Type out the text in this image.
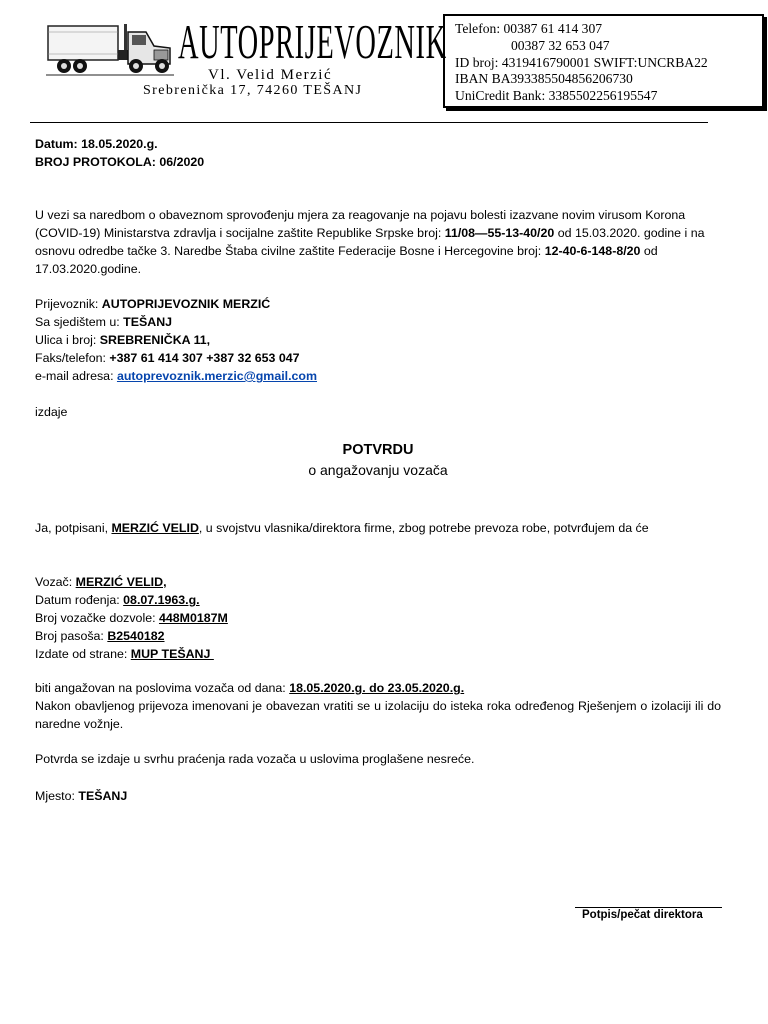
AUTOPRIJEVOZNIK
Vl. Velid Merzić
Srebrenička 17, 74260 TEŠANJ
Telefon: 00387 61 414 307
00387 32 653 047
ID broj: 4319416790001 SWIFT:UNCRBA22
IBAN BA393385504856206730
UniCredit Bank: 3385502256195547

Datum: 18.05.2020.g.

BROJ PROTOKOLA: 06/2020

U vezi sa naredbom o obaveznom sprovođenju mjera za reagovanje na pojavu bolesti izazvane novim virusom Korona (COVID-19) Ministarstva zdravlja i socijalne zaštite Republike Srpske broj: 11/08—55-13-40/20 od 15.03.2020. godine i na osnovu odredbe tačke 3. Naredbe Štaba civilne zaštite Federacije Bosne i Hercegovine broj: 12-40-6-148-8/20 od 17.03.2020.godine.

Prijevoznik: AUTOPRIJEVOZNIK MERZIĆ

Sa sjedištem u: TEŠANJ

Ulica i broj: SREBRENIČKA 11,

Faks/telefon: +387 61 414 307 +387 32 653 047

e-mail adresa: autoprevoznik.merzic@gmail.com

izdaje

POTVRDU

o angažovanju vozača

Ja, potpisani, MERZIĆ VELID, u svojstvu vlasnika/direktora firme, zbog potrebe prevoza robe, potvrđujem da će

Vozač: MERZIĆ VELID,

Datum rođenja: 08.07.1963.g.

Broj vozačke dozvole: 448M0187M

Broj pasoša: B2540182

Izdate od strane: MUP TEŠANJ

biti angažovan na poslovima vozača od dana: 18.05.2020.g. do 23.05.2020.g.

Nakon obavljenog prijevoza imenovani je obavezan vratiti se u izolaciju do isteka roka određenog Rješenjem o izolaciji ili do naredne vožnje.

Potvrda se izdaje u svrhu praćenja rada vozača u uslovima proglašene nesreće.

Mjesto: TEŠANJ

Potpis/pečat direktora
